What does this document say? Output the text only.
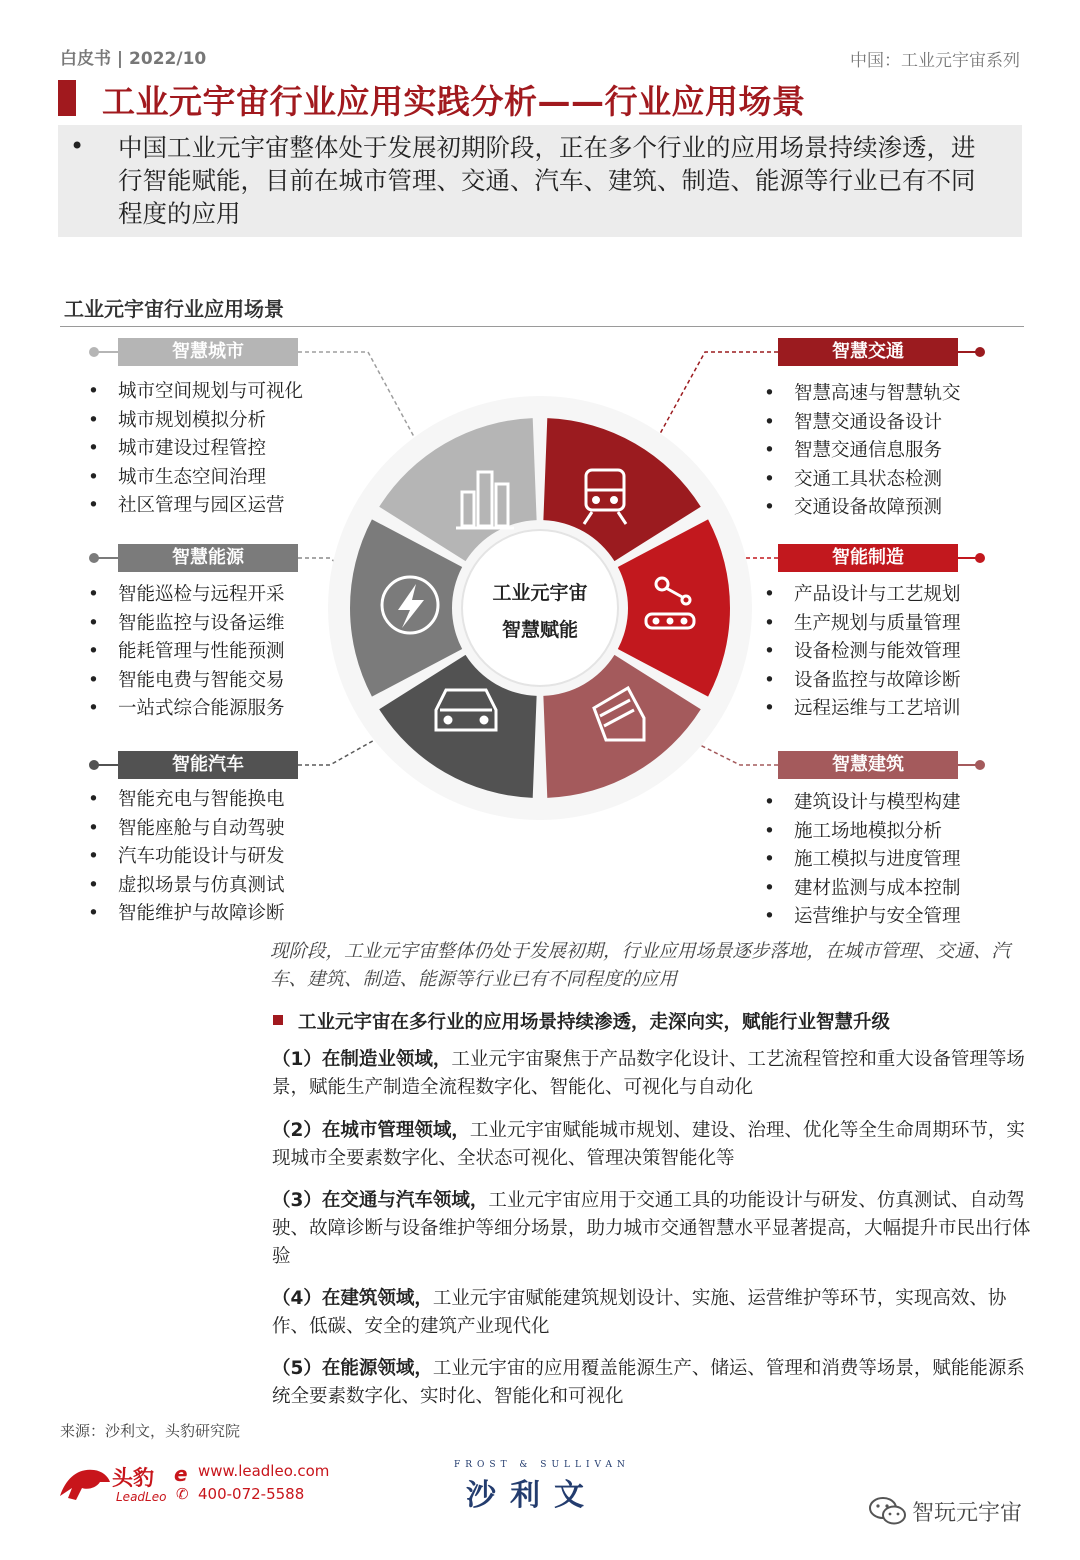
白皮书 | 2022/10	中国：工业元宇宙系列
工业元宇宙行业应用实践分析——行业应用场景
• 中国工业元宇宙整体处于发展初期阶段，正在多个行业的应用场景持续渗透，进行智能赋能，目前在城市管理、交通、汽车、建筑、制造、能源等行业已有不同程度的应用
工业元宇宙行业应用场景
工业元宇宙
智慧赋能
智慧城市
• 城市空间规划与可视化
• 城市规划模拟分析
• 城市建设过程管控
• 城市生态空间治理
• 社区管理与园区运营
智慧能源
• 智能巡检与远程开采
• 智能监控与设备运维
• 能耗管理与性能预测
• 智能电费与智能交易
• 一站式综合能源服务
智能汽车
• 智能充电与智能换电
• 智能座舱与自动驾驶
• 汽车功能设计与研发
• 虚拟场景与仿真测试
• 智能维护与故障诊断
智慧交通
• 智慧高速与智慧轨交
• 智慧交通设备设计
• 智慧交通信息服务
• 交通工具状态检测
• 交通设备故障预测
智能制造
• 产品设计与工艺规划
• 生产规划与质量管理
• 设备检测与能效管理
• 设备监控与故障诊断
• 远程运维与工艺培训
智慧建筑
• 建筑设计与模型构建
• 施工场地模拟分析
• 施工模拟与进度管理
• 建材监测与成本控制
• 运营维护与安全管理
现阶段，工业元宇宙整体仍处于发展初期，行业应用场景逐步落地，在城市管理、交通、汽车、建筑、制造、能源等行业已有不同程度的应用
工业元宇宙在多行业的应用场景持续渗透，走深向实，赋能行业智慧升级
（1）在制造业领域，工业元宇宙聚焦于产品数字化设计、工艺流程管控和重大设备管理等场景，赋能生产制造全流程数字化、智能化、可视化与自动化
（2）在城市管理领域，工业元宇宙赋能城市规划、建设、治理、优化等全生命周期环节，实现城市全要素数字化、全状态可视化、管理决策智能化等
（3）在交通与汽车领域，工业元宇宙应用于交通工具的功能设计与研发、仿真测试、自动驾驶、故障诊断与设备维护等细分场景，助力城市交通智慧水平显著提高，大幅提升市民出行体验
（4）在建筑领域，工业元宇宙赋能建筑规划设计、实施、运营维护等环节，实现高效、协作、低碳、安全的建筑产业现代化
（5）在能源领域，工业元宇宙的应用覆盖能源生产、储运、管理和消费等场景，赋能能源系统全要素数字化、实时化、智能化和可视化
来源：沙利文，头豹研究院
头豹
LeadLeo
e
✆
www.leadleo.com
400-072-5588
FROST & SULLIVAN
沙利文
智玩元宇宙
